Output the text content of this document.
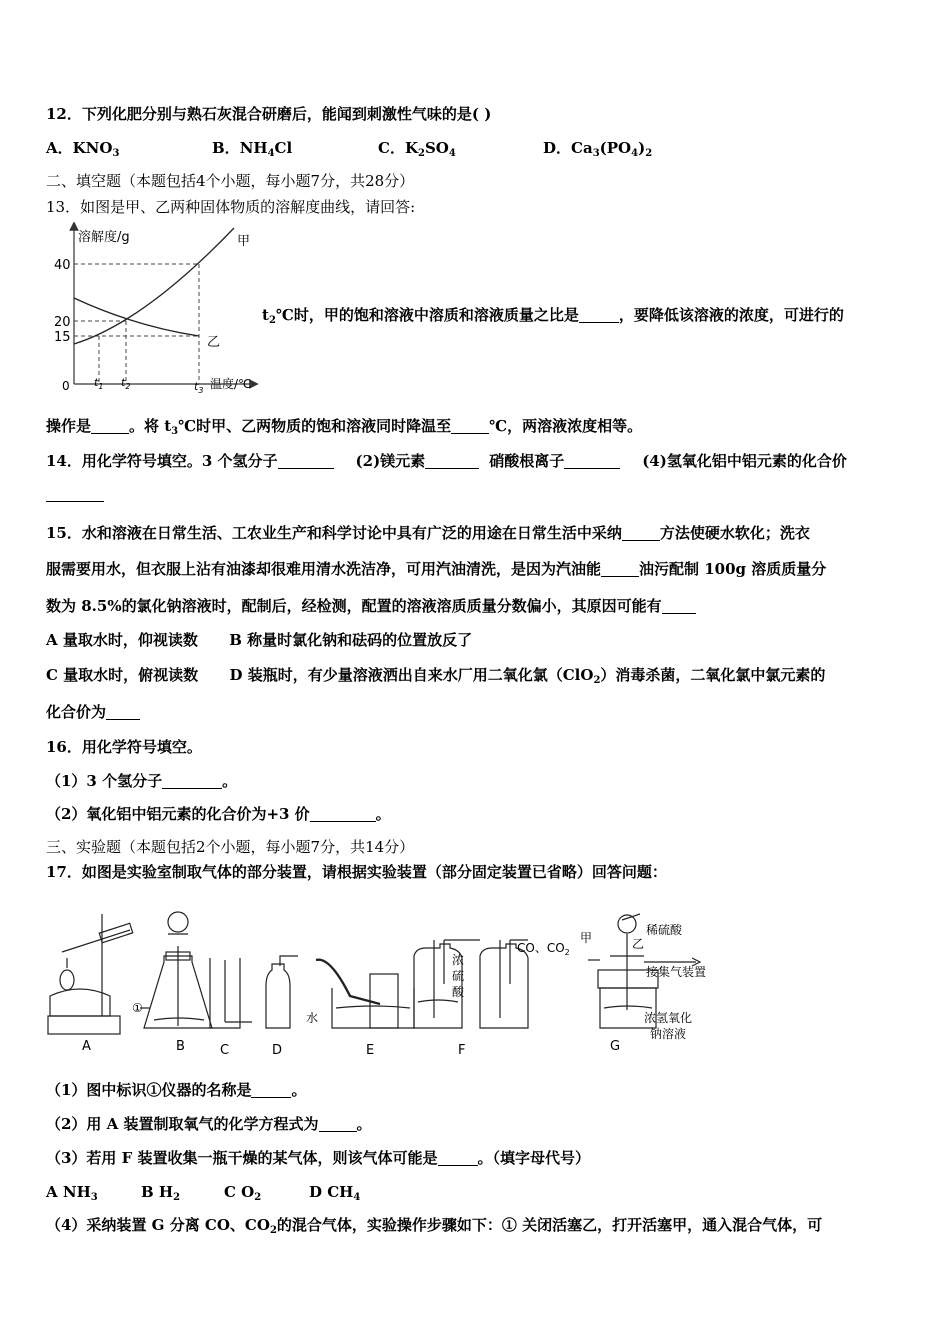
12．下列化肥分别与熟石灰混合研磨后，能闻到刺激性气味的是( )
A．$KNO_3$	B．$NH_4Cl$	C．$K_2SO_4$	D．$Ca_3(PO_4)_2$
二、填空题（本题包括4个小题，每小题7分，共28分）
13．如图是甲、乙两种固体物质的溶解度曲线，请回答:
溶解度/g
温度/℃
0
40
20
15
$t_1$ $t_2$	$t_3$
甲
乙
$t_2℃$时，甲的饱和溶液中溶质和溶液质量之比是	，要降低该溶液的浓度，可进行的
操作是	。将 $t_3℃$时甲、乙两物质的饱和溶液同时降温至	℃，两溶液浓度相等。
14．用化学符号填空。3 个氢分子	(2)镁元素	硝酸根离子	(4)氢氧化铝中铝元素的化合价
15．水和溶液在日常生活、工农业生产和科学讨论中具有广泛的用途在日常生活中采纳	方法使硬水软化；洗衣
服需要用水，但衣服上沾有油漆却很难用清水洗洁净，可用汽油清洗，是因为汽油能	油污配制 100g 溶质质量分
数为 8.5%的氯化钠溶液时，配制后，经检测，配置的溶液溶质质量分数偏小，其原因可能有
A 量取水时，仰视读数      B 称量时氯化钠和砝码的位置放反了
C 量取水时，俯视读数      D 装瓶时，有少量溶液洒出自来水厂用二氧化氯（ClO$_2$）消毒杀菌，二氧化氯中氯元素的
化合价为
16．用化学符号填空。
（1）3 个氢分子	。
（2）氧化铝中铝元素的化合价为+3 价	。
三、实验题（本题包括2个小题，每小题7分，共14分）
17．如图是实验室制取气体的部分装置，请根据实验装置（部分固定装置已省略）回答问题：
A	B	C	D	E	F	G
①
水
浓
硫
酸
CO、$CO_2$
甲	乙
稀硫酸
接集气装置
浓氢氧化
钠溶液
（1）图中标识①仪器的名称是	。
（2）用 A 装置制取氧气的化学方程式为	。
（3）若用 F 装置收集一瓶干燥的某气体，则该气体可能是	。（填字母代号）
A $NH_3$	B $H_2$	C $O_2$	D $CH_4$
（4）采纳装置 G 分离 CO、$CO_2$的混合气体，实验操作步骤如下：① 关闭活塞乙，打开活塞甲，通入混合气体，可
